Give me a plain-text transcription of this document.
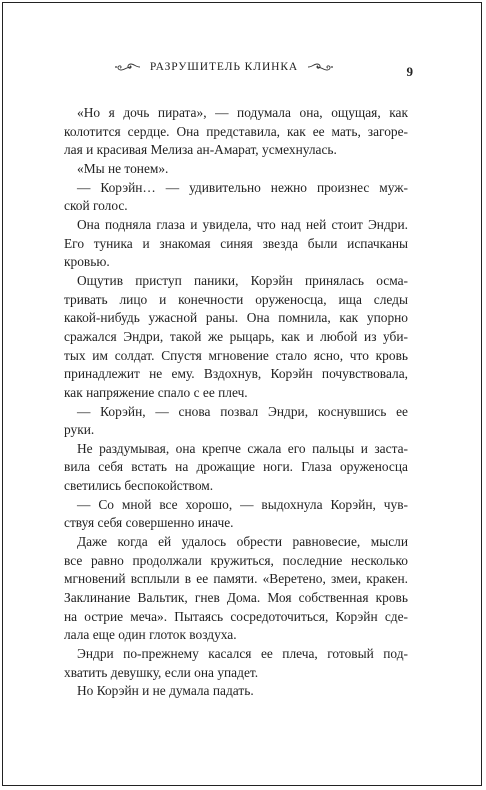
РАЗРУШИТЕЛЬ КЛИНКА	9

«Но я дочь пирата», — подумала она, ощущая, как
колотится сердце. Она представила, как ее мать, загоре-
лая и красивая Мелиза ан-Амарат, усмехнулась.

«Мы не тонем».

— Корэйн… — удивительно нежно произнес муж-
ской голос.

Она подняла глаза и увидела, что над ней стоит Эндри.
Его туника и знакомая синяя звезда были испачканы
кровью.

Ощутив приступ паники, Корэйн принялась осма-
тривать лицо и конечности оруженосца, ища следы
какой-нибудь ужасной раны. Она помнила, как упорно
сражался Эндри, такой же рыцарь, как и любой из уби-
тых им солдат. Спустя мгновение стало ясно, что кровь
принадлежит не ему. Вздохнув, Корэйн почувствовала,
как напряжение спало с ее плеч.

— Корэйн, — снова позвал Эндри, коснувшись ее
руки.

Не раздумывая, она крепче сжала его пальцы и заста-
вила себя встать на дрожащие ноги. Глаза оруженосца
светились беспокойством.

— Со мной все хорошо, — выдохнула Корэйн, чув-
ствуя себя совершенно иначе.

Даже когда ей удалось обрести равновесие, мысли
все равно продолжали кружиться, последние несколько
мгновений всплыли в ее памяти. «Веретено, змеи, кракен.
Заклинание Вальтик, гнев Дома. Моя собственная кровь
на острие меча». Пытаясь сосредоточиться, Корэйн сде-
лала еще один глоток воздуха.

Эндри по-прежнему касался ее плеча, готовый под-
хватить девушку, если она упадет.

Но Корэйн и не думала падать.
